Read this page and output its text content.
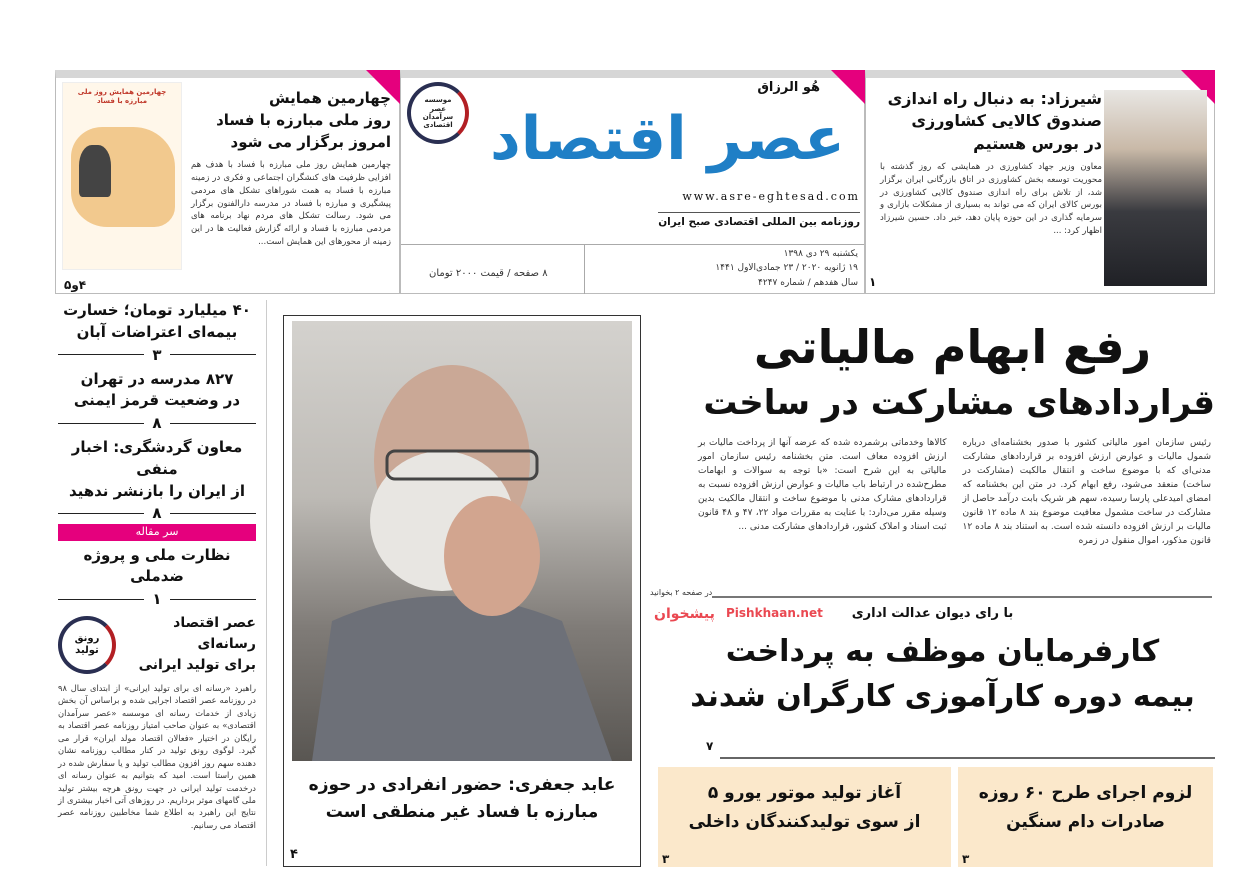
شیرزاد: به دنبال راه اندازی
صندوق کالایی کشاورزی
در بورس هستیم
معاون وزیر جهاد کشاورزی در همایشی که روز گذشته با محوریت توسعه بخش کشاورزی در اتاق بازرگانی ایران برگزار شد، از تلاش برای راه اندازی صندوق کالایی کشاورزی در بورس کالای ایران که می تواند به بسیاری از مشکلات بازاری و سرمایه گذاری در این حوزه پایان دهد، خبر داد. حسین شیرزاد اظهار کرد: ...
۱
موسسه عصر سرآمدان اقتصادی
هُو الرزاق
عصر اقتصاد
www.asre-eghtesad.com
روزنامه بین المللی اقتصادی صبح ایران
یکشنبه ۲۹ دی ۱۳۹۸
۱۹ ژانویه ۲۰۲۰ / ۲۳ جمادی‌الاول ۱۴۴۱
سال هفدهم / شماره ۴۲۴۷
۸ صفحه / قیمت ۲۰۰۰ تومان
چهارمین همایش روز ملی مبارزه با فساد
۴و۵
چهارمین همایش
روز ملی مبارزه با فساد
امروز برگزار می شود
چهارمین همایش روز ملی مبارزه با فساد با هدف هم افزایی ظرفیت های کنشگران اجتماعی و فکری در زمینه مبارزه با فساد به همت شوراهای تشکل های مردمی پیشگیری و مبارزه با فساد در مدرسه دارالفنون برگزار می شود. رسالت تشکل های مردم نهاد برنامه های مردمی مبارزه با فساد و ارائه گزارش فعالیت ها در این زمینه از محورهای این همایش است...
۴۰ میلیارد تومان؛ خسارت
بیمه‌ای اعتراضات آبان
۳
۸۲۷ مدرسه در تهران
در وضعیت قرمز ایمنی
۸
معاون گردشگری: اخبار منفی
از ایران را بازنشر ندهید
۸
سر مقاله
نظارت ملی و پروژه ضدملی
۱
عصر اقتصاد رسانه‌ای
برای تولید ایرانی
رونق تولید
راهبرد «رسانه ای برای تولید ایرانی» از ابتدای سال ۹۸ در روزنامه عصر اقتصاد اجرایی شده و براساس آن بخش زیادی از خدمات رسانه ای موسسه «عصر سرآمدان اقتصادی» به عنوان صاحب امتیاز روزنامه عصر اقتصاد به رایگان در اختیار «فعالان اقتصاد مولد ایران» قرار می گیرد. لوگوی رونق تولید در کنار مطالب روزنامه نشان دهنده سهم روز افزون مطالب تولید و یا سفارش شده در همین راستا است. امید که بتوانیم به عنوان رسانه ای درخدمت تولید ایرانی در جهت رونق هرچه بیشتر تولید ملی گامهای موثر برداریم. در روزهای آتی اخبار بیشتری از نتایج این راهبرد به اطلاع شما مخاطبین روزنامه عصر اقتصاد می رسانیم.
عابد جعفری: حضور انفرادی در حوزه
مبارزه با فساد غیر منطقی است
۴
رفع ابهام مالیاتی
قراردادهای مشارکت در ساخت
رئیس سازمان امور مالیاتی کشور با صدور بخشنامه‌ای درباره شمول مالیات و عوارض ارزش افزوده بر قراردادهای مشارکت مدنی‌ای که با موضوع ساخت و انتقال مالکیت (مشارکت در ساخت) منعقد می‌شود، رفع ابهام کرد. در متن این بخشنامه که امضای امیدعلی پارسا رسیده، سهم هر شریک بابت درآمد حاصل از مشارکت در ساخت مشمول معافیت موضوع بند ۸ ماده ۱۲ قانون مالیات بر ارزش افزوده دانسته شده است. به استناد بند ۸ ماده ۱۲ قانون مذکور، اموال منقول در زمره
کالاها وخدماتی برشمرده شده که عرضه آنها از پرداخت مالیات بر ارزش افزوده معاف است. متن بخشنامه رئیس سازمان امور مالیاتی به این شرح است: «با توجه به سوالات و ابهامات مطرح‌شده در ارتباط باب مالیات و عوارض ارزش افزوده نسبت به قراردادهای مشارک مدنی با موضوع ساخت و انتقال مالکیت بدین وسیله مقرر می‌دارد: با عنایت به مقررات مواد ۲۲، ۴۷ و ۴۸ قانون ثبت اسناد و املاک کشور، قراردادهای مشارکت مدنی ...
در صفحه ۲ بخوانید
پیشخوان Pishkhaan.net	با رای دیوان عدالت اداری
کارفرمایان موظف به پرداخت
بیمه دوره کارآموزی کارگران شدند
۷
آغاز تولید موتور یورو ۵
از سوی تولیدکنندگان داخلی
۳
لزوم اجرای طرح ۶۰ روزه
صادرات دام سنگین
۳
